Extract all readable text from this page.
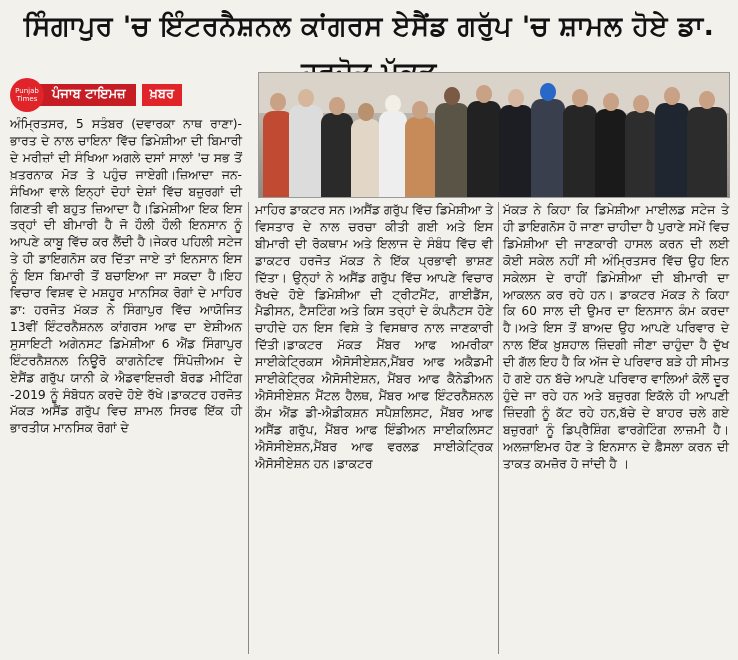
ਸਿੰਗਾਪੁਰ 'ਚ ਇੰਟਰਨੈਸ਼ਨਲ ਕਾਂਗਰਸ ਏਸੈਂਡ ਗਰੁੱਪ 'ਚ ਸ਼ਾਮਲ ਹੋਏ ਡਾ.
Punjab Times	ਪੰਜਾਬ ਟਾਇਮਜ਼	ਖ਼ਬਰ

ਅੰਮ੍ਰਿਤਸਰ, 5 ਸਤੰਬਰ (ਦਵਾਰਕਾ ਨਾਥ ਰਾਣਾ)-ਭਾਰਤ ਦੇ ਨਾਲ ਚਾਇਨਾ ਵਿੱਚ ਡਿਮੇਸ਼ੀਆ ਦੀ ਬਿਮਾਰੀ ਦੇ ਮਰੀਜ਼ਾਂ ਦੀ ਸੰਖਿਆ ਅਗਲੇ ਦਸਾਂ ਸਾਲਾਂ 'ਚ ਸਭ ਤੋਂ ਖ਼ਤਰਨਾਕ ਮੋੜ ਤੇ ਪਹੁੰਚ ਜਾਏਗੀ।ਜ਼ਿਆਦਾ ਜਨ-ਸੰਖਿਆ ਵਾਲੇ ਇਨ੍ਹਾਂ ਦੋਹਾਂ ਦੇਸ਼ਾਂ ਵਿੱਚ ਬਜ਼ੁਰਗਾਂ ਦੀ ਗਿਣਤੀ ਵੀ ਬਹੁਤ ਜ਼ਿਆਦਾ ਹੈ।ਡਿਮੇਸ਼ੀਆ ਇਕ ਇਸ ਤਰ੍ਹਾਂ ਦੀ ਬੀਮਾਰੀ ਹੈ ਜੋ ਹੌਲੀ ਹੌਲੀ ਇਨਸਾਨ ਨੂੰ ਆਪਣੇ ਕਾਬੂ ਵਿੱਚ ਕਰ ਲੈਂਦੀ ਹੈ।ਜੇਕਰ ਪਹਿਲੀ ਸਟੇਜ ਤੇ ਹੀ ਡਾਇਗਨੋਸ ਕਰ ਦਿੱਤਾ ਜਾਏ ਤਾਂ ਇਨਸਾਨ ਇਸ ਨੂੰ ਇਸ ਬਿਮਾਰੀ ਤੋਂ ਬਚਾਇਆ ਜਾ ਸਕਦਾ ਹੈ।ਇਹ ਵਿਚਾਰ ਵਿਸ਼ਵ ਦੇ ਮਸ਼ਹੂਰ ਮਾਨਸਿਕ ਰੋਗਾਂ ਦੇ ਮਾਹਿਰ ਡਾ: ਹਰਜੋਤ ਮੱਕੜ ਨੇ ਸਿੰਗਾਪੁਰ ਵਿੱਚ ਆਯੋਜਿਤ 13ਵੀਂ ਇੰਟਰਨੈਸ਼ਨਲ ਕਾਂਗਰਸ ਆਫ ਦਾ ਏਸ਼ੀਅਨ ਸੁਸਾਇਟੀ ਅਗੇਨਸਟ ਡਿਮੇਸ਼ੀਆ 6 ਐਂਡ ਸਿੰਗਾਪੁਰ ਇੰਟਰਨੈਸ਼ਨਲ ਨਿਊਰੋ ਕਾਗਨੇਟਿਵ ਸਿੰਪੋਜ਼ੀਅਮ ਦੇ ਏਸੈਂਡ ਗਰੁੱਪ ਯਾਨੀ ਕੇ ਐਡਵਾਇਜ਼ਰੀ ਬੋਰਡ ਮੀਟਿੰਗ -2019 ਨੂੰ ਸੰਬੋਧਨ ਕਰਦੇ ਹੋਏ ਰੱਖੇ।ਡਾਕਟਰ ਹਰਜੋਤ ਮੱਕੜ ਅਸੈਂਡ ਗਰੁੱਪ ਵਿਚ ਸ਼ਾਮਲ ਸਿਰਫ ਇੱਕ ਹੀ ਭਾਰਤੀਯ ਮਾਨਸਿਕ ਰੋਗਾਂ ਦੇ

ਮਾਹਿਰ ਡਾਕਟਰ ਸਨ।ਅਸੈਂਡ ਗਰੁੱਪ ਵਿੱਚ ਡਿਮੇਸ਼ੀਆ ਤੇ ਵਿਸਤਾਰ ਦੇ ਨਾਲ ਚਰਚਾ ਕੀਤੀ ਗਈ ਅਤੇ ਇਸ ਬੀਮਾਰੀ ਦੀ ਰੋਕਥਾਮ ਅਤੇ ਇਲਾਜ ਦੇ ਸੰਬੰਧ ਵਿੱਚ ਵੀ ਡਾਕਟਰ ਹਰਜੋਤ ਮੱਕੜ ਨੇ ਇੱਕ ਪ੍ਰਭਾਵੀ ਭਾਸ਼ਣ ਦਿੱਤਾ। ਉਨ੍ਹਾਂ ਨੇ ਅਸੈਂਡ ਗਰੁੱਪ ਵਿੱਚ ਆਪਣੇ ਵਿਚਾਰ ਰੱਖਦੇ ਹੋਏ ਡਿਮੇਸ਼ੀਆ ਦੀ ਟ੍ਰੀਟਮੈਂਟ, ਗਾਈਡੈਂਸ, ਮੈਡੀਸਨ, ਟੈਸਟਿੰਗ ਅਤੇ ਕਿਸ ਤਰ੍ਹਾਂ ਦੇ ਕੰਪਨੈਟਸ ਹੋਣੇ ਚਾਹੀਦੇ ਹਨ ਇਸ ਵਿਸ਼ੇ ਤੇ ਵਿਸਥਾਰ ਨਾਲ ਜਾਣਕਾਰੀ ਦਿੱਤੀ।ਡਾਕਟਰ ਮੱਕੜ ਮੈਂਬਰ ਆਫ ਅਮਰੀਕਾ ਸਾਈਕੇਟ੍ਰਿਕਸ ਐਸੋਸੀਏਸ਼ਨ,ਮੈਂਬਰ ਆਫ ਅਕੈਡਮੀ ਸਾਈਕੇਟ੍ਰਿਕ ਐਸੋਸੀਏਸ਼ਨ, ਮੈਂਬਰ ਆਫ ਕੈਨੇਡੀਅਨ ਐਸੋਸੀਏਸ਼ਨ ਮੈਂਟਲ ਹੈਲਥ, ਮੈਂਬਰ ਆਫ ਇੰਟਰਨੈਸ਼ਨਲ ਕੌਮ ਐਂਡ ਡੀ-ਐਡੀਕਸ਼ਨ ਸਪੈਸ਼ਲਿਸਟ, ਮੈਂਬਰ ਆਫ ਅਸੈਂਡ ਗਰੁੱਪ, ਮੈਂਬਰ ਆਫ ਇੰਡੀਅਨ ਸਾਈਕਲਿਸਟ ਐਸੋਸੀਏਸ਼ਨ,ਮੈਂਬਰ ਆਫ ਵਰਲਡ ਸਾਈਕੇਟ੍ਰਿਕ ਐਸੋਸੀਏਸ਼ਨ ਹਨ।ਡਾਕਟਰ

ਮੱਕੜ ਨੇ ਕਿਹਾ ਕਿ ਡਿਮੇਸ਼ੀਆ ਮਾਈਲਡ ਸਟੇਜ ਤੇ ਹੀ ਡਾਇਗਨੋਸ ਹੋ ਜਾਣਾ ਚਾਹੀਦਾ ਹੈ ਪੁਰਾਣੇ ਸਮੇਂ ਵਿਚ ਡਿਮੇਸ਼ੀਆ ਦੀ ਜਾਣਕਾਰੀ ਹਾਸਲ ਕਰਨ ਦੀ ਲਈ ਕੋਈ ਸਕੇਲ ਨਹੀਂ ਸੀ ਅੰਮ੍ਰਿਤਸਰ ਵਿੱਚ ਉਹ ਇਨ ਸਕੇਲਸ ਦੇ ਰਾਹੀਂ ਡਿਮੇਸ਼ੀਆ ਦੀ ਬੀਮਾਰੀ ਦਾ ਆਕਲਨ ਕਰ ਰਹੇ ਹਨ। ਡਾਕਟਰ ਮੱਕੜ ਨੇ ਕਿਹਾ ਕਿ 60 ਸਾਲ ਦੀ ਉਮਰ ਦਾ ਇਨਸਾਨ ਕੰਮ ਕਰਦਾ ਹੈ।ਅਤੇ ਇਸ ਤੋਂ ਬਾਅਦ ਉਹ ਆਪਣੇ ਪਰਿਵਾਰ ਦੇ ਨਾਲ ਇੱਕ ਖ਼ੁਸ਼ਹਾਲ ਜ਼ਿੰਦਗੀ ਜੀਣਾ ਚਾਹੁੰਦਾ ਹੈ ਦੁੱਖ ਦੀ ਗੱਲ ਇਹ ਹੈ ਕਿ ਅੱਜ ਦੇ ਪਰਿਵਾਰ ਬੜੇ ਹੀ ਸੀਮਤ ਹੋ ਗਏ ਹਨ ਬੱਚੇ ਆਪਣੇ ਪਰਿਵਾਰ ਵਾਲਿਆਂ ਕੋਲੋਂ ਦੂਰ ਹੁੰਦੇ ਜਾ ਰਹੇ ਹਨ ਅਤੇ ਬਜ਼ੁਰਗ ਇਕੱਲੇ ਹੀ ਆਪਣੀ ਜ਼ਿੰਦਗੀ ਨੂੰ ਕੱਟ ਰਹੇ ਹਨ,ਬੱਚੇ ਦੇ ਬਾਹਰ ਚਲੇ ਗਏ ਬਜ਼ੁਰਗਾਂ ਨੂੰ ਡਿਪ੍ਰੈਸ਼ਿੰਗ ਫਾਰਗੇਟਿੰਗ ਲਾਜ਼ਮੀ ਹੈ।ਅਲਜ਼ਾਇਮਰ ਹੋਣ ਤੇ ਇਨਸਾਨ ਦੇ ਫ਼ੈਸਲਾ ਕਰਨ ਦੀ ਤਾਕਤ ਕਮਜ਼ੋਰ ਹੋ ਜਾਂਦੀ ਹੈ ।
